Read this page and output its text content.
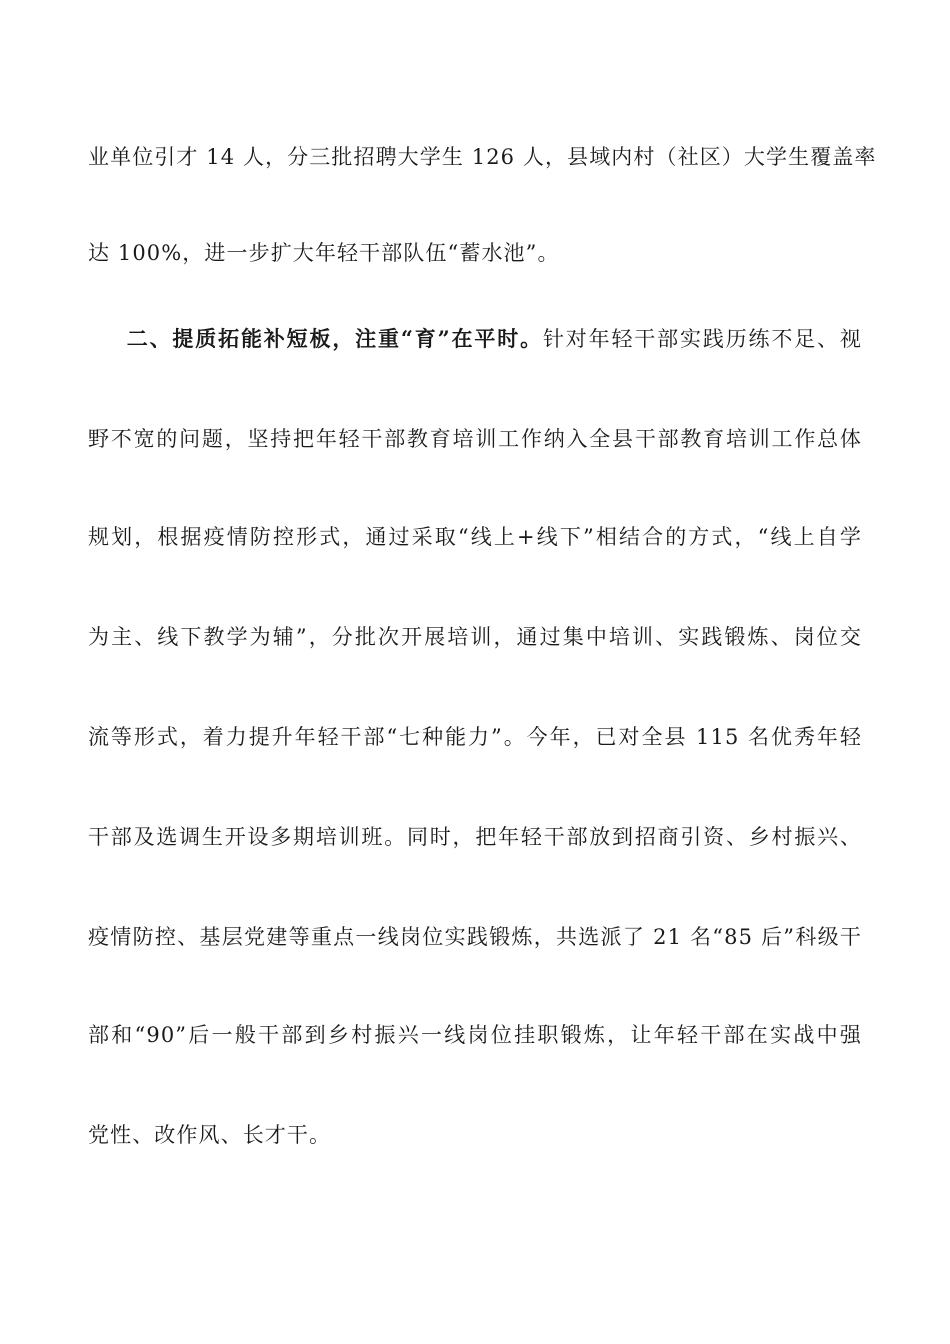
业单位引才 14 人，分三批招聘大学生 126 人，县域内村（社区）大学生覆盖率
达 100%，进一步扩大年轻干部队伍“蓄水池”。
二、提质拓能补短板，注重“育”在平时。针对年轻干部实践历练不足、视
野不宽的问题，坚持把年轻干部教育培训工作纳入全县干部教育培训工作总体
规划，根据疫情防控形式，通过采取“线上+线下”相结合的方式，“线上自学
为主、线下教学为辅”，分批次开展培训，通过集中培训、实践锻炼、岗位交
流等形式，着力提升年轻干部“七种能力”。今年，已对全县 115 名优秀年轻
干部及选调生开设多期培训班。同时，把年轻干部放到招商引资、乡村振兴、
疫情防控、基层党建等重点一线岗位实践锻炼，共选派了 21 名“85 后”科级干
部和“90”后一般干部到乡村振兴一线岗位挂职锻炼，让年轻干部在实战中强
党性、改作风、长才干。
